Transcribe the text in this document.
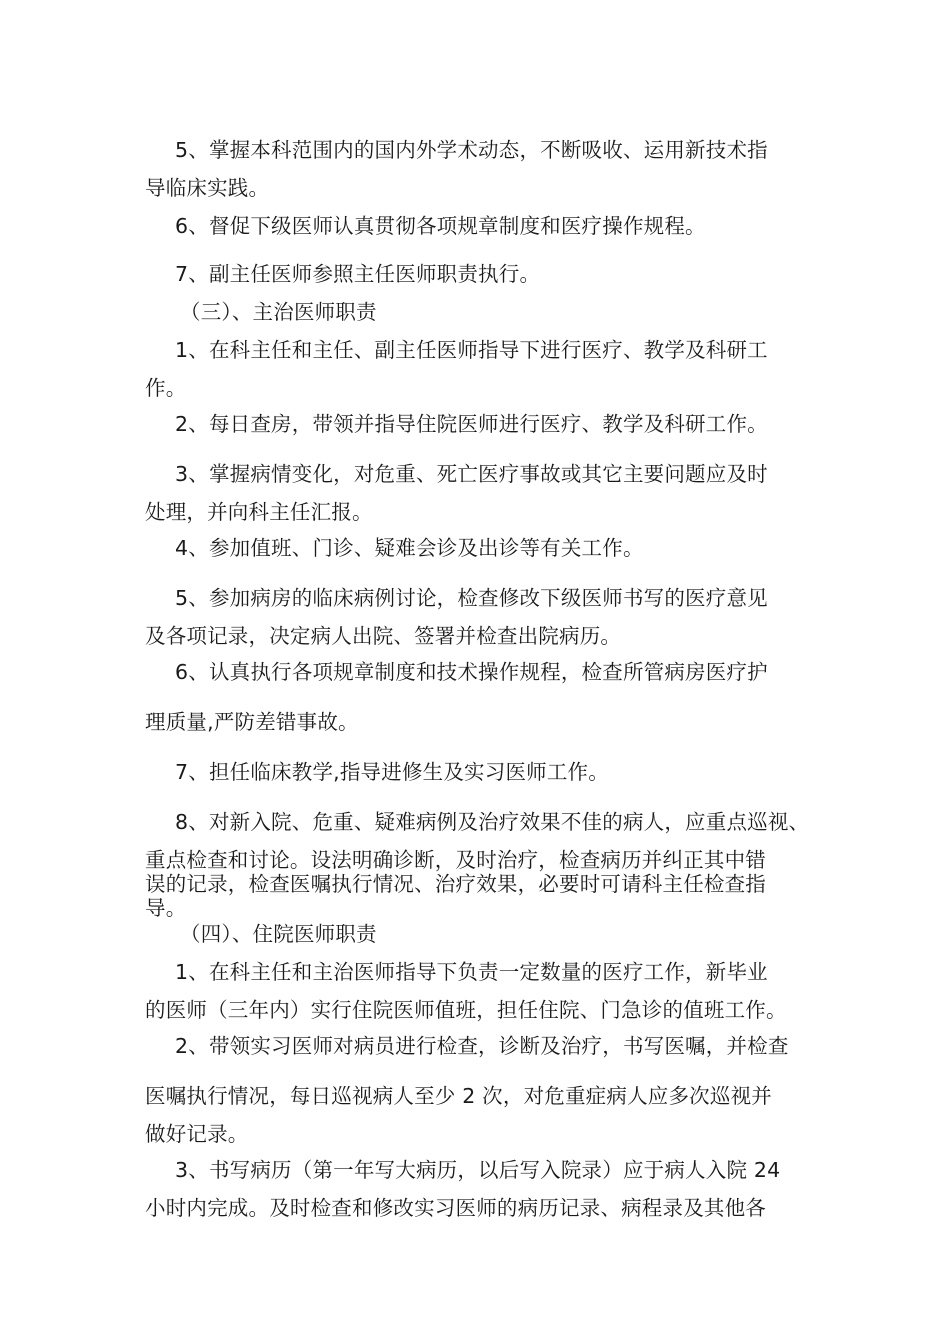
5、掌握本科范围内的国内外学术动态，不断吸收、运用新技术指
导临床实践。
6、督促下级医师认真贯彻各项规章制度和医疗操作规程。
7、副主任医师参照主任医师职责执行。
（三）、主治医师职责
1、在科主任和主任、副主任医师指导下进行医疗、教学及科研工
作。
2、每日查房，带领并指导住院医师进行医疗、教学及科研工作。
3、掌握病情变化，对危重、死亡医疗事故或其它主要问题应及时
处理，并向科主任汇报。
4、参加值班、门诊、疑难会诊及出诊等有关工作。
5、参加病房的临床病例讨论，检查修改下级医师书写的医疗意见
及各项记录，决定病人出院、签署并检查出院病历。
6、认真执行各项规章制度和技术操作规程，检查所管病房医疗护
理质量,严防差错事故。
7、担任临床教学,指导进修生及实习医师工作。
8、对新入院、危重、疑难病例及治疗效果不佳的病人，应重点巡视、
重点检查和讨论。设法明确诊断，及时治疗，检查病历并纠正其中错
误的记录，检查医嘱执行情况、治疗效果，必要时可请科主任检查指
导。
（四）、住院医师职责
1、在科主任和主治医师指导下负责一定数量的医疗工作，新毕业
的医师（三年内）实行住院医师值班，担任住院、门急诊的值班工作。
2、带领实习医师对病员进行检查，诊断及治疗，书写医嘱，并检查
医嘱执行情况，每日巡视病人至少 2 次，对危重症病人应多次巡视并
做好记录。
3、书写病历（第一年写大病历，以后写入院录）应于病人入院 24
小时内完成。及时检查和修改实习医师的病历记录、病程录及其他各
